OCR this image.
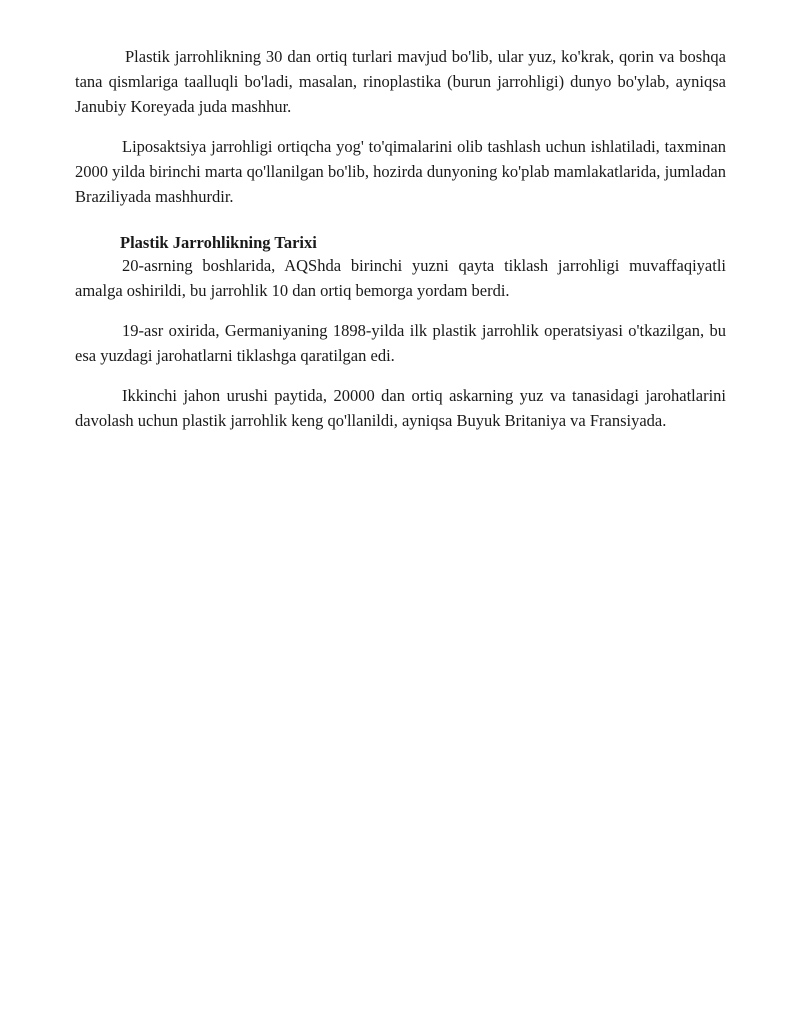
Plastik jarrohlikning 30 dan ortiq turlari mavjud bo'lib, ular yuz, ko'krak, qorin va boshqa tana qismlariga taalluqli bo'ladi, masalan, rinoplastika (burun jarrohligi) dunyo bo'ylab, ayniqsa Janubiy Koreyada juda mashhur.

Liposaktsiya jarrohligi ortiqcha yog' to'qimalarini olib tashlash uchun ishlatiladi, taxminan 2000 yilda birinchi marta qo'llanilgan bo'lib, hozirda dunyoning ko'plab mamlakatlarida, jumladan Braziliyada mashhurdir.

Plastik Jarrohlikning Tarixi

20-asrning boshlarida, AQShda birinchi yuzni qayta tiklash jarrohligi muvaffaqiyatli amalga oshirildi, bu jarrohlik 10 dan ortiq bemorga yordam berdi.

19-asr oxirida, Germaniyaning 1898-yilda ilk plastik jarrohlik operatsiyasi o'tkazilgan, bu esa yuzdagi jarohatlarni tiklashga qaratilgan edi.

Ikkinchi jahon urushi paytida, 20000 dan ortiq askarning yuz va tanasidagi jarohatlarini davolash uchun plastik jarrohlik keng qo'llanildi, ayniqsa Buyuk Britaniya va Fransiyada.
